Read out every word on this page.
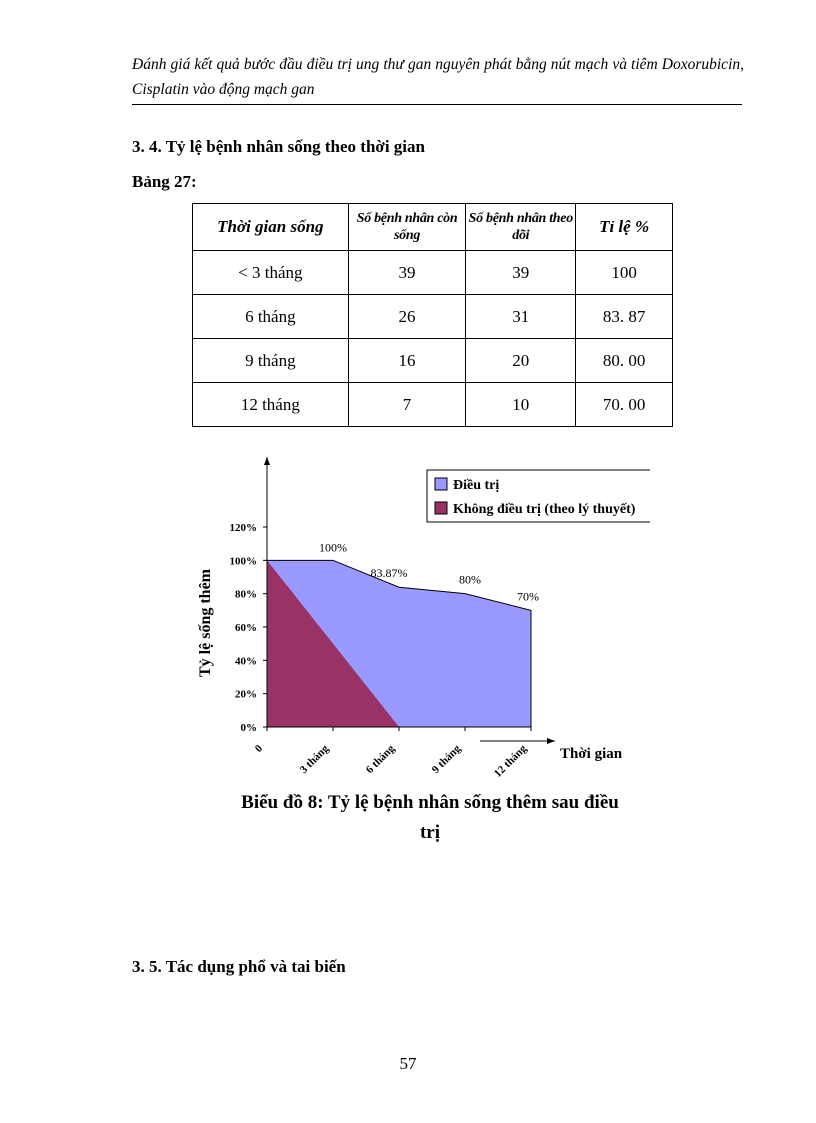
Đánh giá kết quả bước đầu điều trị ung thư gan nguyên phát bằng nút mạch và tiêm Doxorubicin, Cisplatin vào động mạch gan
3. 4. Tỷ lệ bệnh nhân sống theo thời gian
Bảng 27:
Thời gian sống	Số bệnh nhân còn sống	Số bệnh nhân theo dõi	Tỉ lệ %
< 3 tháng	39	39	100
6 tháng	26	31	83. 87
9 tháng	16	20	80. 00
12 tháng	7	10	70. 00
0%
20%
40%
60%
80%
100%
120%
0	3 tháng	6 tháng	9 tháng	12 tháng
100%
83.87%	80%
70%
Tỷ lệ sống thêm
Thời gian
Điều trị
Không điều trị (theo lý thuyết)
Biểu đồ 8: Tỷ lệ bệnh nhân sống thêm sau điều trị
3. 5. Tác dụng phổ và tai biến
57
